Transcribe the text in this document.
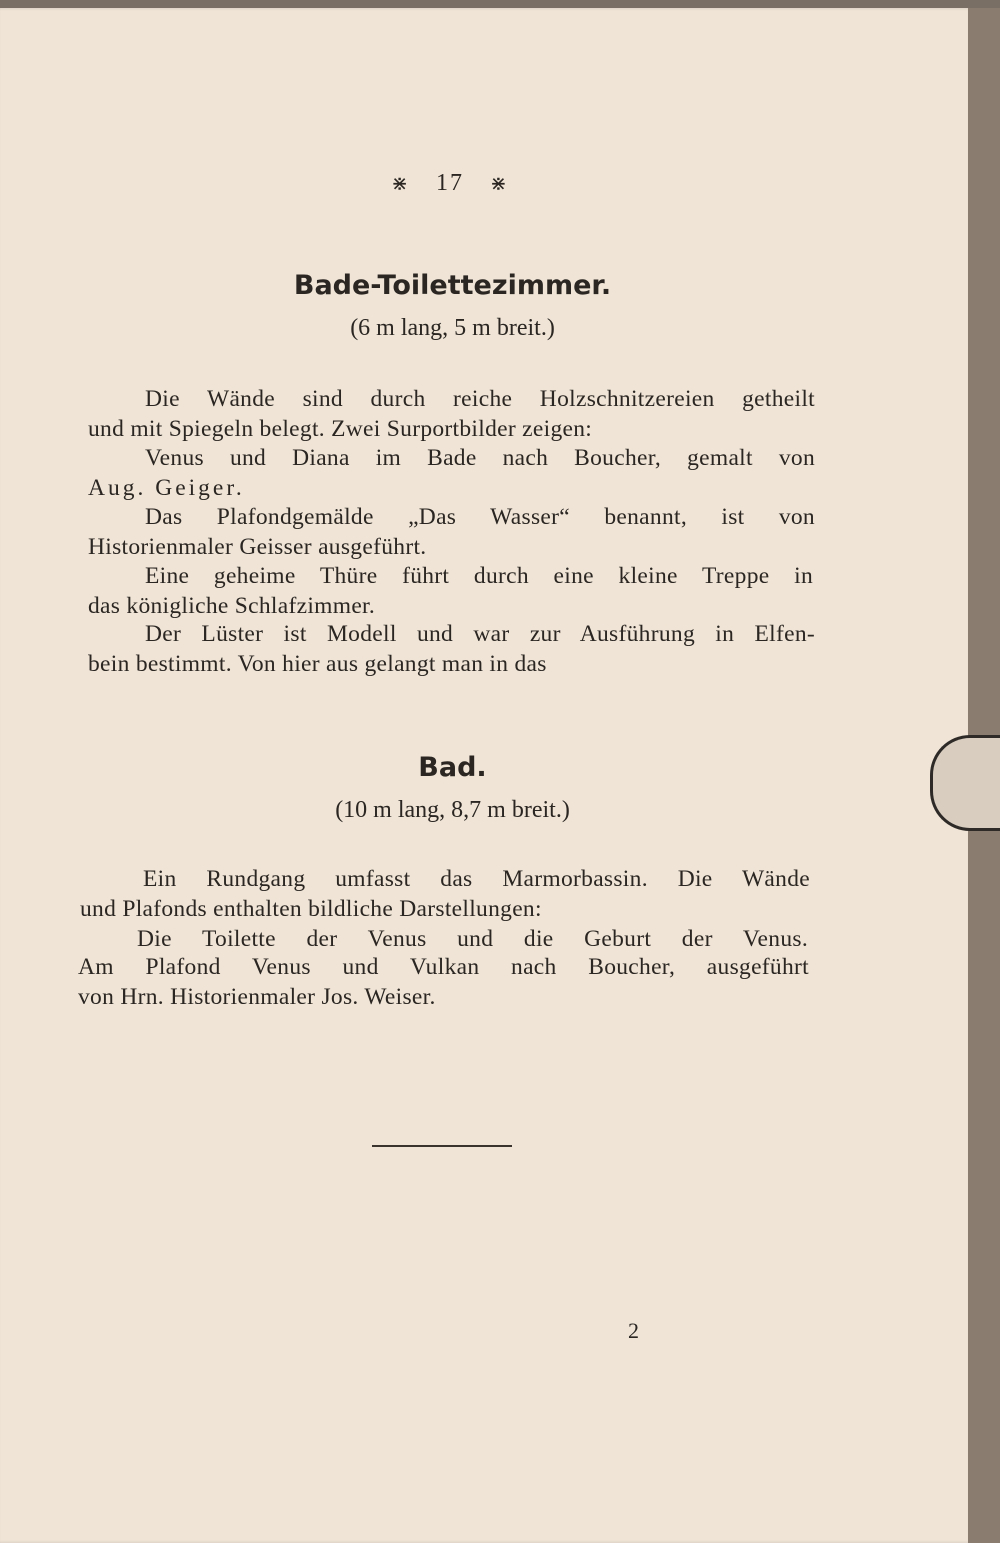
⋇ 17 ⋇
Bade-Toilettezimmer.
(6 m lang, 5 m breit.)
Die Wände sind durch reiche Holzschnitzereien getheilt
und mit Spiegeln belegt. Zwei Surportbilder zeigen:
Venus und Diana im Bade nach Boucher, gemalt von
Aug. Geiger.
Das Plafondgemälde „Das Wasser“ benannt, ist von
Historienmaler Geisser ausgeführt.
Eine geheime Thüre führt durch eine kleine Treppe in
das königliche Schlafzimmer.
Der Lüster ist Modell und war zur Ausführung in Elfen-
bein bestimmt. Von hier aus gelangt man in das
Bad.
(10 m lang, 8,7 m breit.)
Ein Rundgang umfasst das Marmorbassin. Die Wände
und Plafonds enthalten bildliche Darstellungen:
Die Toilette der Venus und die Geburt der Venus.
Am Plafond Venus und Vulkan nach Boucher, ausgeführt
von Hrn. Historienmaler Jos. Weiser.
2
